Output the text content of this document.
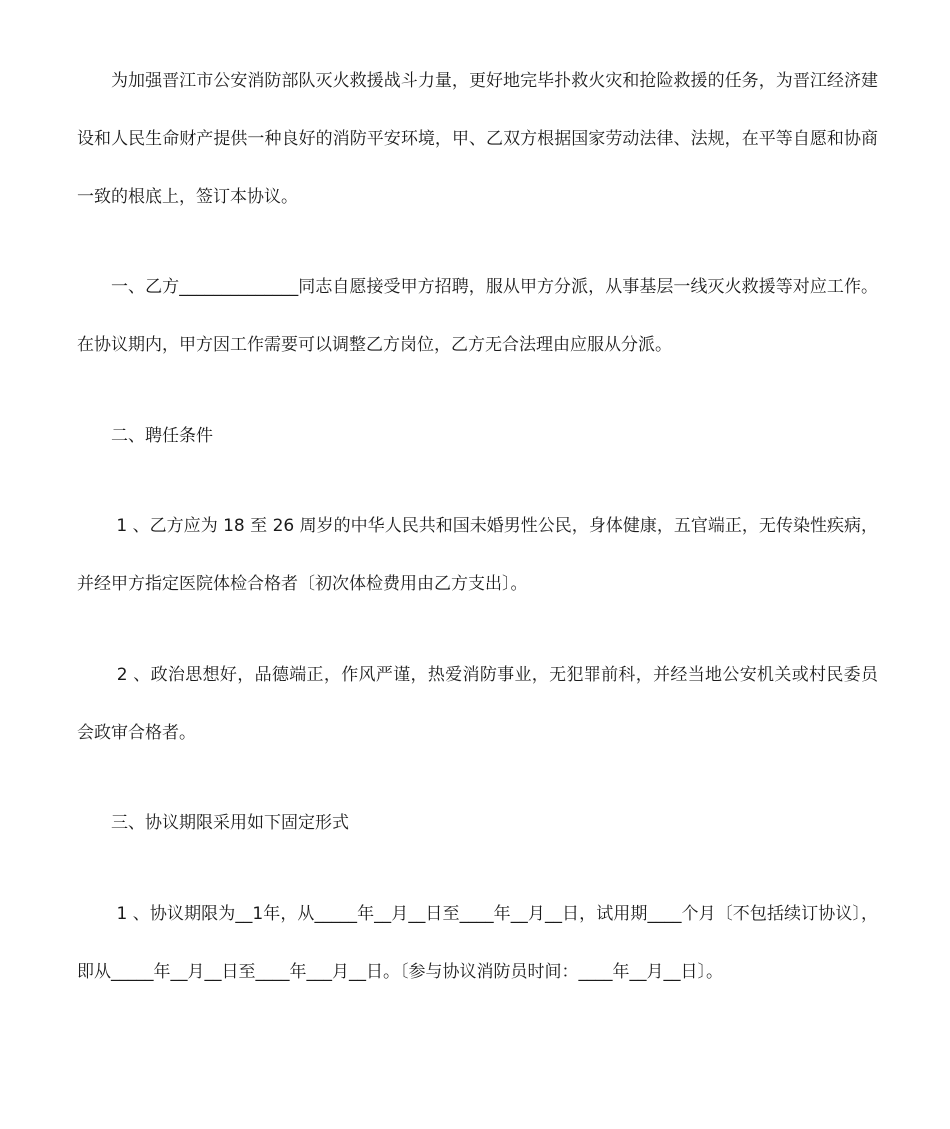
为加强晋江市公安消防部队灭火救援战斗力量，更好地完毕扑救火灾和抢险救援的任务，为晋江经济建设和人民生命财产提供一种良好的消防平安环境，甲、乙双方根据国家劳动法律、法规，在平等自愿和协商一致的根底上，签订本协议。

一、乙方______________同志自愿接受甲方招聘，服从甲方分派，从事基层一线灭火救援等对应工作。在协议期内，甲方因工作需要可以调整乙方岗位，乙方无合法理由应服从分派。

二、聘任条件

1 、乙方应为 18 至 26 周岁的中华人民共和国未婚男性公民，身体健康，五官端正，无传染性疾病，并经甲方指定医院体检合格者〔初次体检费用由乙方支出〕。

2 、政治思想好，品德端正，作风严谨，热爱消防事业，无犯罪前科，并经当地公安机关或村民委员会政审合格者。

三、协议期限采用如下固定形式

1 、协议期限为__1年，从_____年__月__日至____年__月__日，试用期____个月〔不包括续订协议〕，即从_____年__月__日至____年___月__日。〔参与协议消防员时间：____年__月__日〕。
